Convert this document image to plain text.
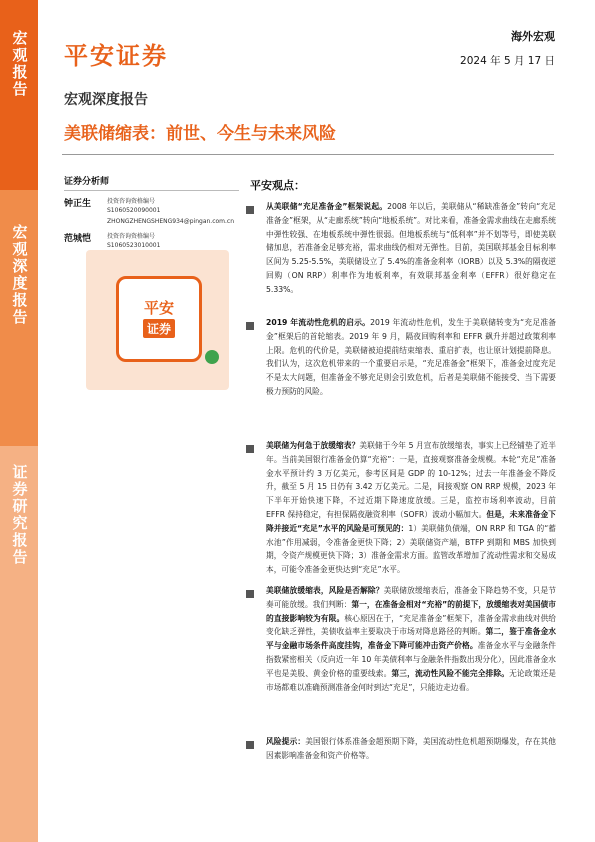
宏观报告
宏观深度报告
证券研究报告
平安证券
海外宏观
2024 年 5 月 17 日
宏观深度报告
美联储缩表：前世、今生与未来风险
证券分析师
钟正生	投资咨询资格编号
S1060520090001
ZHONGZHENGSHENG934@pingan.com.cn
范城恺	投资咨询资格编号
S1060523010001
平安
证券
平安观点：

从美联储“充足准备金”框架说起。2008 年以后，美联储从“稀缺准备金”转向“充足准备金”框架，从“走廊系统”转向“地板系统”。对比来看，准备金需求曲线在走廊系统中弹性较强、在地板系统中弹性很弱。但地板系统与“低利率”并不划等号，即使美联储加息，若准备金足够充裕，需求曲线仍相对无弹性。目前，美国联邦基金目标利率区间为 5.25-5.5%，美联储设立了 5.4%的准备金利率（IORB）以及 5.3%的隔夜逆回购（ON RRP）利率作为地板利率，有效联邦基金利率（EFFR）很好稳定在 5.33%。

2019 年流动性危机的启示。2019 年流动性危机，发生于美联储转变为“充足准备金”框架后的首轮缩表。2019 年 9 月，隔夜回购利率和 EFFR 飙升并超过政策利率上限。危机的代价是，美联储被迫提前结束缩表、重启扩表，也让原计划提前降息。我们认为，这次危机带来的一个重要启示是，“充足准备金”框架下，准备金过度充足不是太大问题，但准备金不够充足则会引致危机，后者是美联储不能接受、当下需要极力预防的风险。

美联储为何急于放缓缩表？美联储于今年 5 月宣布放缓缩表，事实上已经铺垫了近半年。当前美国银行准备金仍算“充裕”：一是，直接观察准备金规模。本轮“充足”准备金水平预计约 3 万亿美元，参考区间是 GDP 的 10-12%；过去一年准备金不降反升，截至 5 月 15 日仍有 3.42 万亿美元。二是，间接观察 ON RRP 规模，2023 年下半年开始快速下降，不过近期下降速度放缓。三是，监控市场利率波动，目前 EFFR 保持稳定，有担保隔夜融资利率（SOFR）波动小幅加大。但是，未来准备金下降并接近“充足”水平的风险是可预见的：1）美联储负债端，ON RRP 和 TGA 的“蓄水池”作用减弱，令准备金更快下降；2）美联储资产端，BTFP 到期和 MBS 加快到期，令资产规模更快下降；3）准备金需求方面。监管改革增加了流动性需求和交易成本，可能令准备金更快达到“充足”水平。

美联储放缓缩表，风险是否解除？美联储放缓缩表后，准备金下降趋势不变，只是节奏可能放缓。我们判断：第一，在准备金相对“充裕”的前提下，放缓缩表对美国债市的直接影响较为有限。核心原因在于，“充足准备金”框架下，准备金需求曲线对供给变化缺乏弹性，美债收益率主要取决于市场对降息路径的判断。第二，鉴于准备金水平与金融市场条件高度挂钩，准备金下降可能冲击资产价格。准备金水平与金融条件指数紧密相关（反向近一年 10 年美债利率与金融条件指数出现分化），因此准备金水平也是美股、黄金价格的重要线索。第三，流动性风险不能完全排除。无论政策还是市场都难以准确预测准备金何时到达“充足”，只能边走边看。

风险提示：美国银行体系准备金超预期下降，美国流动性危机超预期爆发，存在其他因素影响准备金和资产价格等。
